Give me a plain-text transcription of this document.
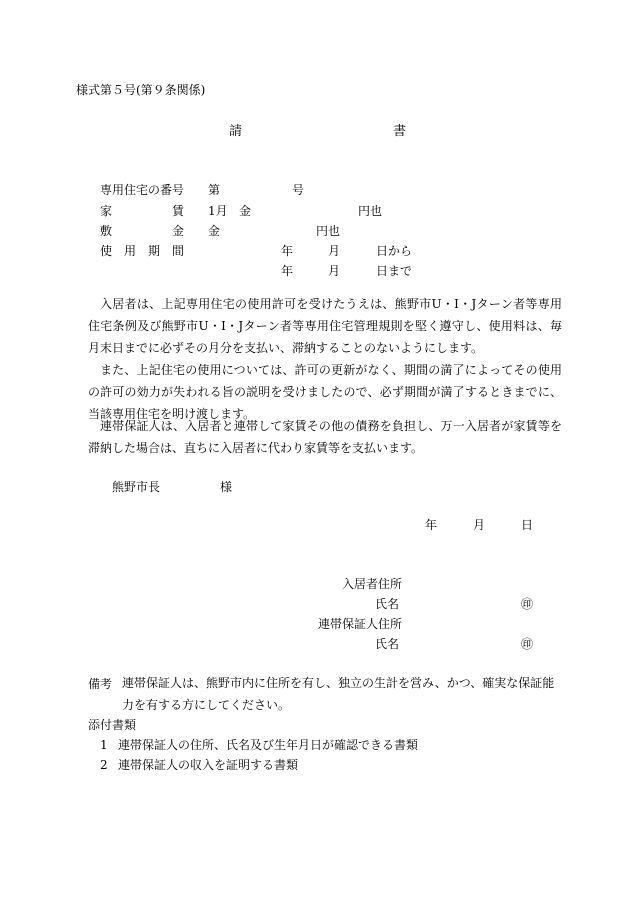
様式第５号(第９条関係)
請	書
専用住宅の番号 第	号
家	賃 1月 金	円也
敷	金 金	円也
使 用 期 間	年	月	日から
年	月	日まで
入居者は、上記専用住宅の使用許可を受けたうえは、熊野市U・I・Jターン者等専用住宅条例及び熊野市U・I・Jターン者等専用住宅管理規則を堅く遵守し、使用料は、毎月末日までに必ずその月分を支払い、滞納することのないようにします。
また、上記住宅の使用については、許可の更新がなく、期間の満了によってその使用の許可の効力が失われる旨の説明を受けましたので、必ず期間が満了するときまでに、当該専用住宅を明け渡します。
連帯保証人は、入居者と連帯して家賃その他の債務を負担し、万一入居者が家賃等を滞納した場合は、直ちに入居者に代わり家賃等を支払います。
熊野市長	様
年	月	日
入居者住所
氏名	㊞
連帯保証人住所
氏名	㊞
備考 連帯保証人は、熊野市内に住所を有し、独立の生計を営み、かつ、確実な保証能力を有する方にしてください。
添付書類
1 連帯保証人の住所、氏名及び生年月日が確認できる書類
2 連帯保証人の収入を証明する書類
